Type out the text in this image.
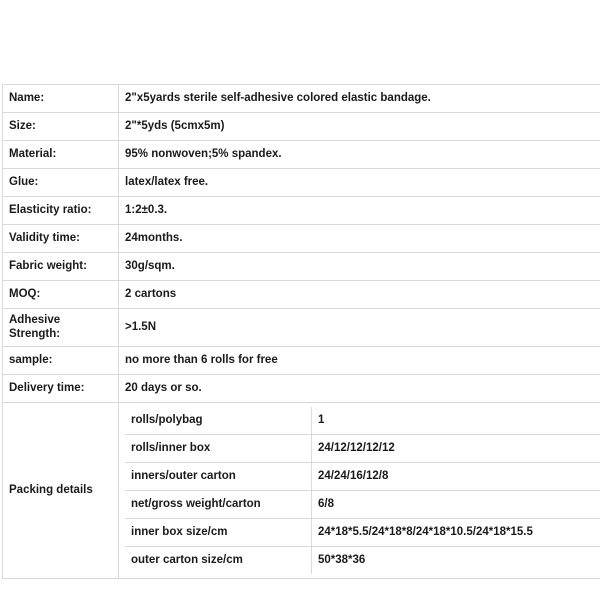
Name:	2"x5yards sterile self-adhesive colored elastic bandage.
Size:	2"*5yds (5cmx5m)
Material:	95% nonwoven;5% spandex.
Glue:	latex/latex free.
Elasticity ratio:	1:2±0.3.
Validity time:	24months.
Fabric weight:	30g/sqm.
MOQ:	2 cartons
Adhesive Strength:	>1.5N
sample:	no more than 6 rolls for free
Delivery time:	20 days or so.
Packing details	
rolls/polybag	1
rolls/inner box	24/12/12/12/12
inners/outer carton	24/24/16/12/8
net/gross weight/carton	6/8
inner box size/cm	24*18*5.5/24*18*8/24*18*10.5/24*18*15.5
outer carton size/cm	50*38*36
